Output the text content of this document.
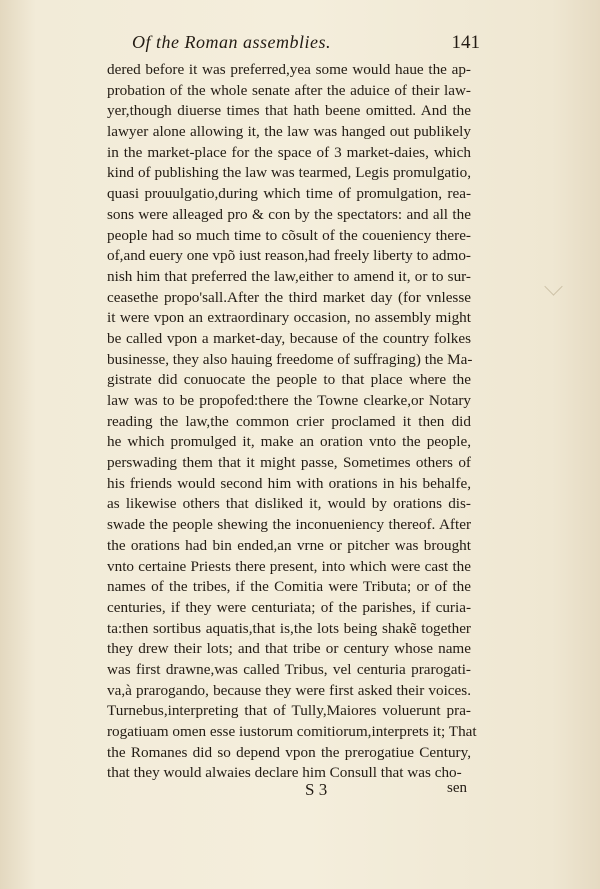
Of the Roman assemblies.	141
dered before it was preferred,yea some would haue the ap-
probation of the whole senate after the aduice of their law-
yer,though diuerse times that hath beene omitted. And the
lawyer alone allowing it, the law was hanged out publikely
in the market-place for the space of 3 market-daies, which
kind of publishing the law was tearmed, Legis promulgatio,
quasi prouulgatio,during which time of promulgation, rea-
sons were alleaged pro & con by the spectators: and all the
people had so much time to cõsult of the coueniency there-
of,and euery one vpõ iust reason,had freely liberty to admo-
nish him that preferred the law,either to amend it, or to sur-
ceasethe propo'sall.After the third market day (for vnlesse
it were vpon an extraordinary occasion, no assembly might
be called vpon a market-day, because of the country folkes
businesse, they also hauing freedome of suffraging) the Ma-
gistrate did conuocate the people to that place where the
law was to be propofed:there the Towne clearke,or Notary
reading the law,the common crier proclamed it then did
he which promulged it, make an oration vnto the people,
perswading them that it might passe, Sometimes others of
his friends would second him with orations in his behalfe,
as likewise others that disliked it, would by orations dis-
swade the people shewing the inconueniency thereof. After
the orations had bin ended,an vrne or pitcher was brought
vnto certaine Priests there present, into which were cast the
names of the tribes, if the Comitia were Tributa; or of the
centuries, if they were centuriata; of the parishes, if curia-
ta:then sortibus aquatis,that is,the lots being shakẽ together
they drew their lots; and that tribe or century whose name
was first drawne,was called Tribus, vel centuria prarogati-
va,à prarogando, because they were first asked their voices.
Turnebus,interpreting that of Tully,Maiores voluerunt pra-
rogatiuam omen esse iustorum comitiorum,interprets it; That
the Romanes did so depend vpon the prerogatiue Century,
that they would alwaies declare him Consull that was cho-
S 3	sen
